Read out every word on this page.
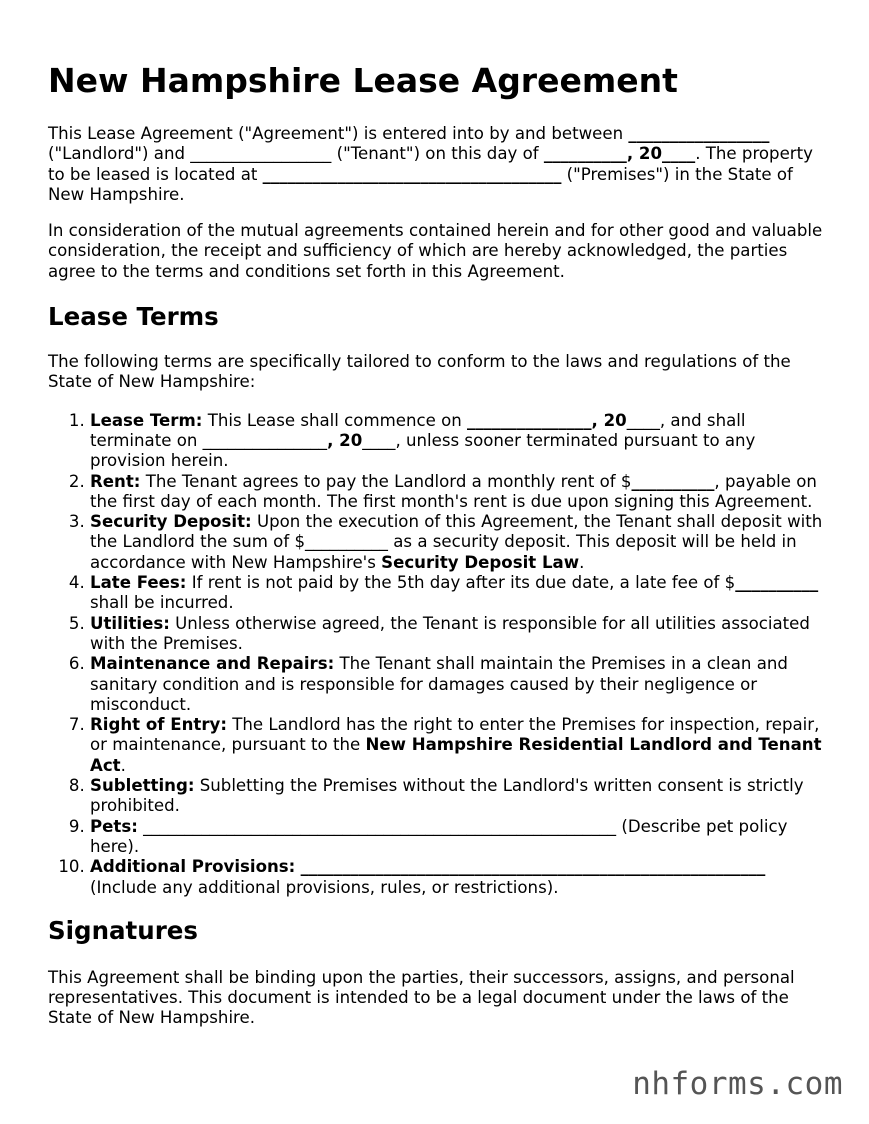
New Hampshire Lease Agreement

This Lease Agreement ("Agreement") is entered into by and between _________________ ("Landlord") and _________________ ("Tenant") on this day of __________, 20____. The property to be leased is located at ____________________________________ ("Premises") in the State of New Hampshire.

In consideration of the mutual agreements contained herein and for other good and valuable consideration, the receipt and sufficiency of which are hereby acknowledged, the parties agree to the terms and conditions set forth in this Agreement.

Lease Terms

The following terms are specifically tailored to conform to the laws and regulations of the State of New Hampshire:

1. Lease Term: This Lease shall commence on _______________, 20____, and shall terminate on _______________, 20____, unless sooner terminated pursuant to any provision herein.
2. Rent: The Tenant agrees to pay the Landlord a monthly rent of $__________, payable on the first day of each month. The first month's rent is due upon signing this Agreement.
3. Security Deposit: Upon the execution of this Agreement, the Tenant shall deposit with the Landlord the sum of $__________ as a security deposit. This deposit will be held in accordance with New Hampshire's Security Deposit Law.
4. Late Fees: If rent is not paid by the 5th day after its due date, a late fee of $__________ shall be incurred.
5. Utilities: Unless otherwise agreed, the Tenant is responsible for all utilities associated with the Premises.
6. Maintenance and Repairs: The Tenant shall maintain the Premises in a clean and sanitary condition and is responsible for damages caused by their negligence or misconduct.
7. Right of Entry: The Landlord has the right to enter the Premises for inspection, repair, or maintenance, pursuant to the New Hampshire Residential Landlord and Tenant Act.
8. Subletting: Subletting the Premises without the Landlord's written consent is strictly prohibited.
9. Pets: _________________________________________________________ (Describe pet policy here).
10. Additional Provisions: ________________________________________________________ (Include any additional provisions, rules, or restrictions).
Signatures

This Agreement shall be binding upon the parties, their successors, assigns, and personal representatives. This document is intended to be a legal document under the laws of the State of New Hampshire.

nhforms.com
